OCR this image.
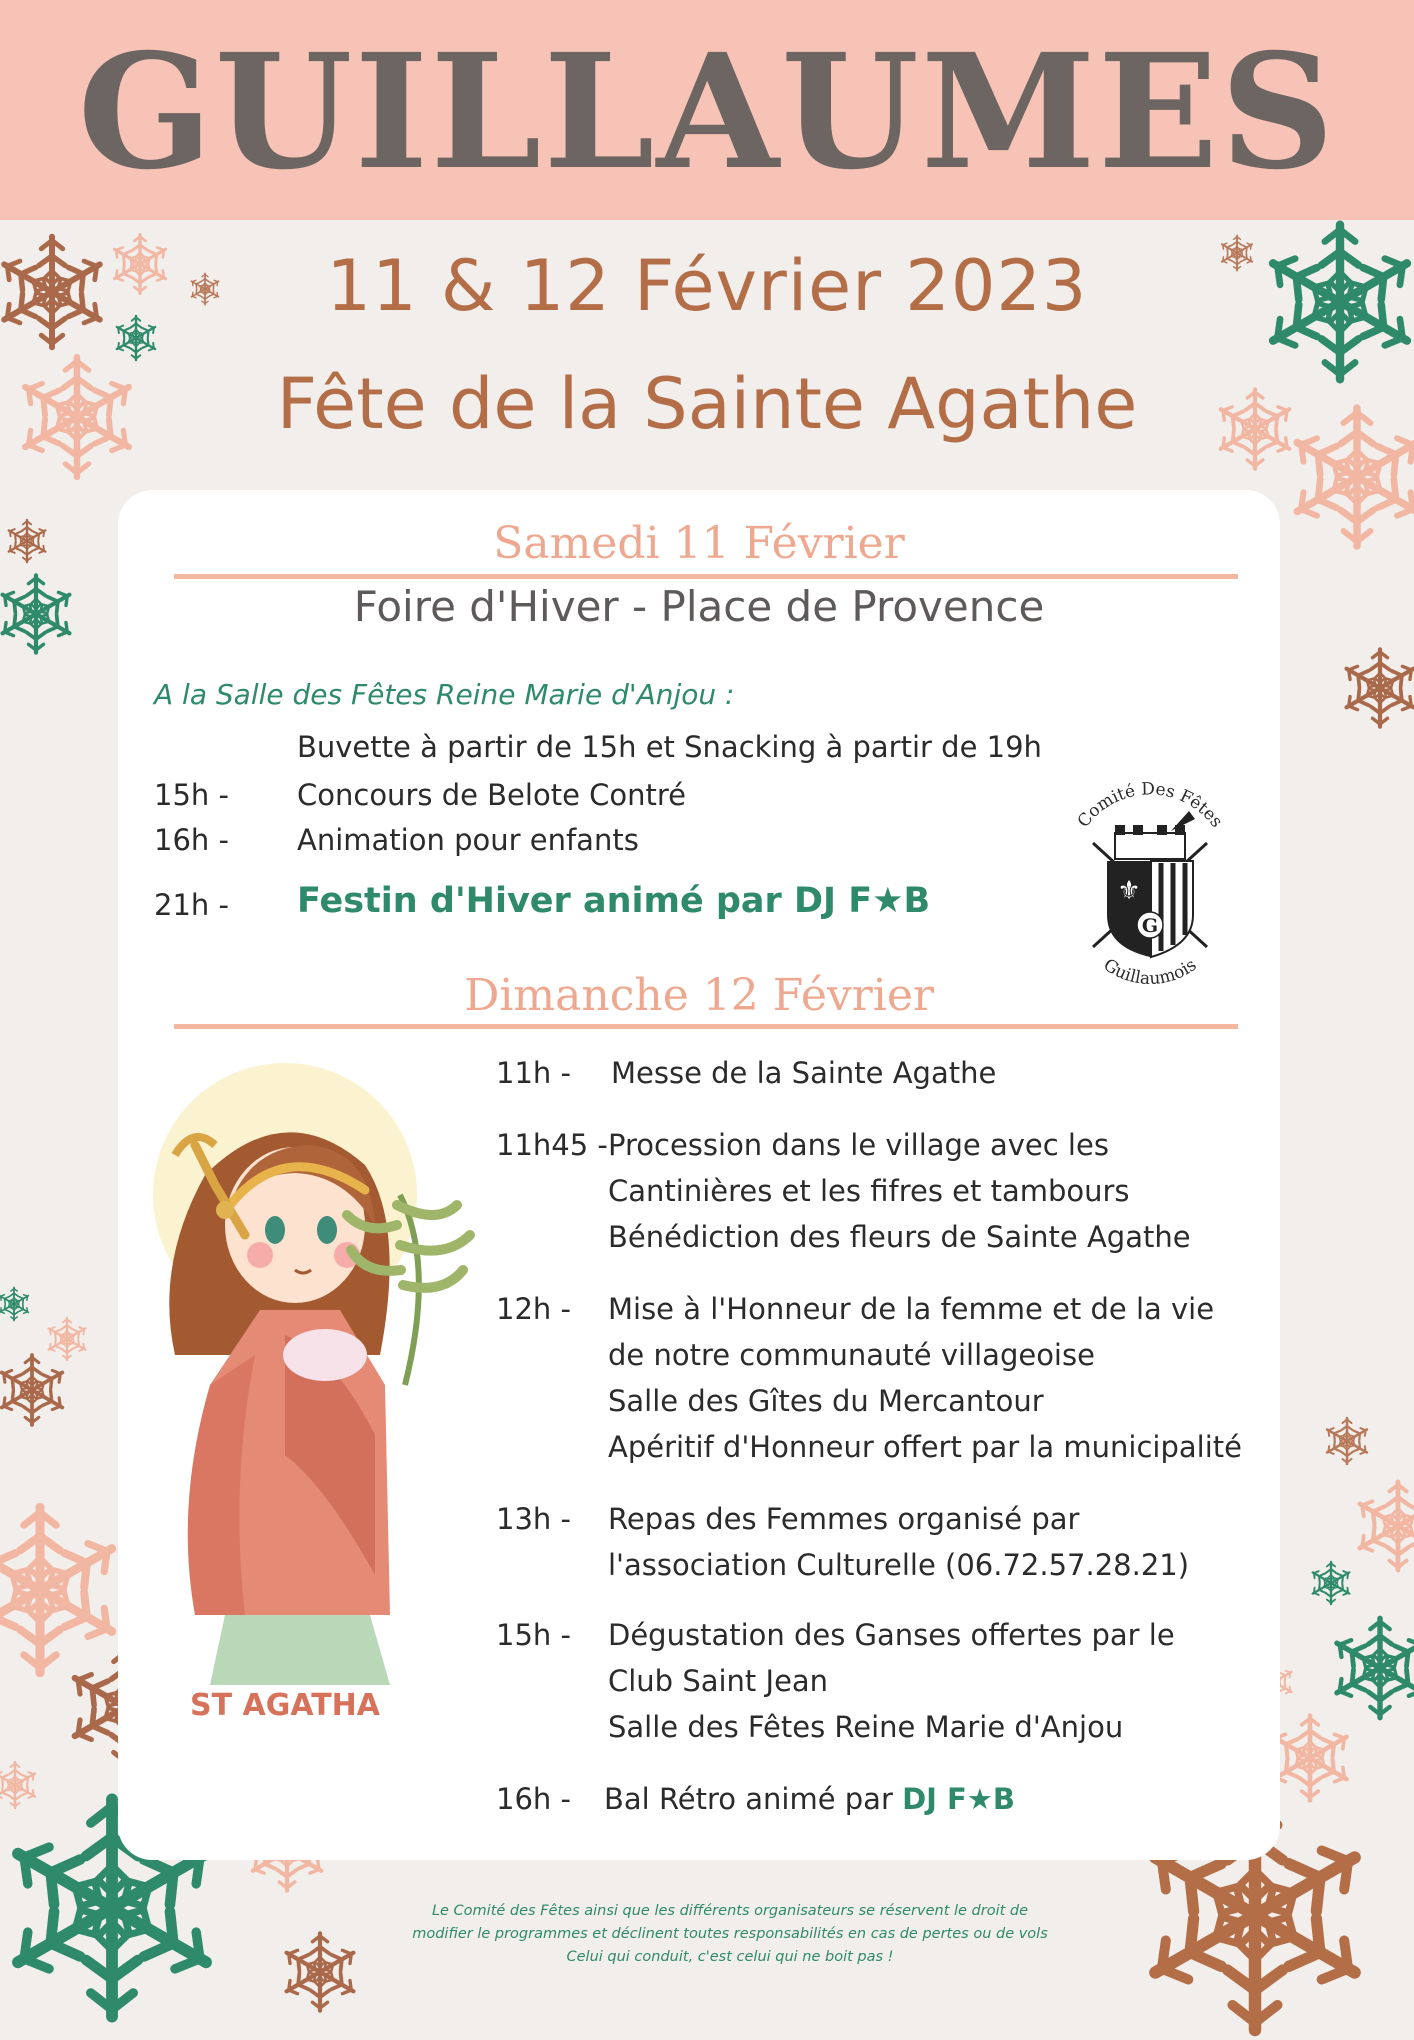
GUILLAUMES
11 & 12 Février 2023
Fête de la Sainte Agathe
Samedi 11 Février
Foire d'Hiver - Place de Provence
A la Salle des Fêtes Reine Marie d'Anjou :
Buvette à partir de 15h et Snacking à partir de 19h
15h - Concours de Belote Contré
16h - Animation pour enfants
21h - Festin d'Hiver animé par DJ F★B
Dimanche 12 Février
11h - Messe de la Sainte Agathe
11h45 - Procession dans le village avec les
Cantinières et les fifres et tambours
Bénédiction des fleurs de Sainte Agathe
12h - Mise à l'Honneur de la femme et de la vie
de notre communauté villageoise
Salle des Gîtes du Mercantour
Apéritif d'Honneur offert par la municipalité
13h - Repas des Femmes organisé par
l'association Culturelle (06.72.57.28.21)
15h - Dégustation des Ganses offertes par le
Club Saint Jean
Salle des Fêtes Reine Marie d'Anjou
16h - Bal Rétro animé par DJ F★B
Comité Des Fêtes
Guillaumois
⚜
G
ST AGATHA
Le Comité des Fêtes ainsi que les différents organisateurs se réservent le droit de
modifier le programmes et déclinent toutes responsabilités en cas de pertes ou de vols
Celui qui conduit, c'est celui qui ne boit pas !
